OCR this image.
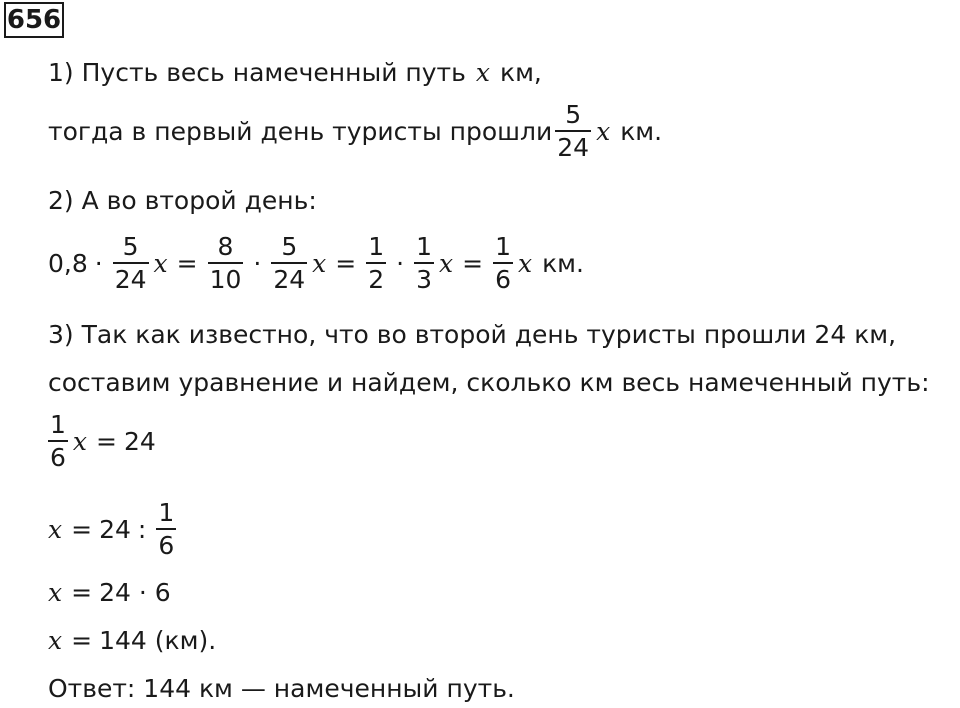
656
1) Пусть весь намеченный путь x км,
тогда в первый день туристы прошли $\frac{5}{24}$ x км.
2) А во второй день:
$0,8 \cdot \frac{5}{24}$ $x = \frac{8}{10} \cdot \frac{5}{24}$ $x = \frac{1}{2} \cdot \frac{1}{3}$ $x = \frac{1}{6}$ x км.
3) Так как известно, что во второй день туристы прошли 24 км,
составим уравнение и найдем, сколько км весь намеченный путь:
$\frac{1}{6}$ x = 24
x = 24 : $\frac{1}{6}$
x = 24 · 6
x = 144 (км).
Ответ: 144 км — намеченный путь.
